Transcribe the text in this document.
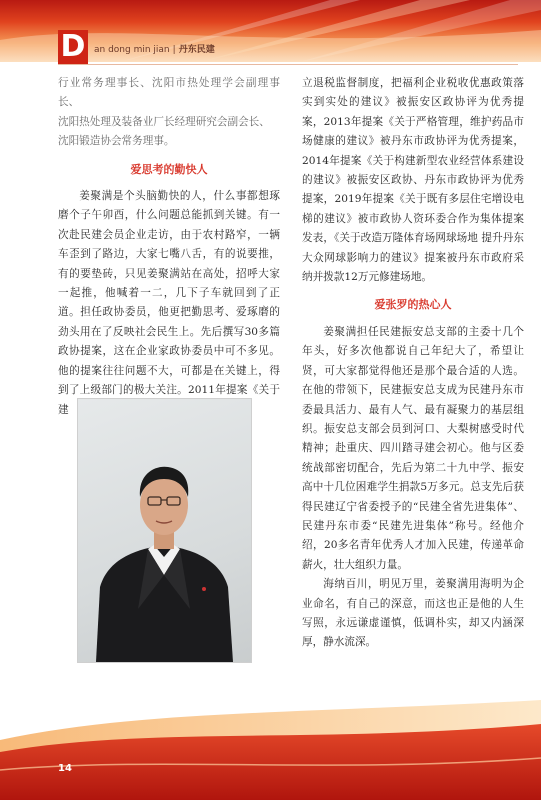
D an dong min jian | 丹东民建

行业常务理事长、沈阳市热处理学会副理事长、

沈阳热处理及装备业厂长经理研究会副会长、

沈阳锻造协会常务理事。

爱思考的勤快人

姜聚满是个头脑勤快的人，什么事都想琢磨个子午卯酉，什么问题总能抓到关键。有一次赴民建会员企业走访，由于农村路窄，一辆车歪到了路边，大家七嘴八舌，有的说要推，有的要垫砖，只见姜聚满站在高处，招呼大家一起推，他喊着一二，几下子车就回到了正道。担任政协委员，他更把勤思考、爱琢磨的劲头用在了反映社会民生上。先后撰写30多篇政协提案，这在企业家政协委员中可不多见。他的提案往往问题不大，可都是在关键上，得到了上级部门的极大关注。2011年提案《关于建

立退税监督制度，把福利企业税收优惠政策落实到实处的建议》被振安区政协评为优秀提案，2013年提案《关于严格管理，维护药品市场健康的建议》被丹东市政协评为优秀提案，2014年提案《关于构建新型农业经营体系建设的建议》被振安区政协、丹东市政协评为优秀提案，2019年提案《关于既有多层住宅增设电梯的建议》被市政协人资环委合作为集体提案发表，《关于改造万隆体育场网球场地 提升丹东大众网球影响力的建议》提案被丹东市政府采纳并拨款12万元修建场地。

爱张罗的热心人

姜聚满担任民建振安总支部的主委十几个年头，好多次他都说自己年纪大了，希望让贤，可大家都觉得他还是那个最合适的人选。在他的带领下，民建振安总支成为民建丹东市委最具活力、最有人气、最有凝聚力的基层组织。振安总支部会员到河口、大梨树感受时代精神；赴重庆、四川踏寻建会初心。他与区委统战部密切配合，先后为第二十九中学、振安高中十几位困难学生捐款5万多元。总支先后获得民建辽宁省委授予的“民建全省先进集体”、民建丹东市委“民建先进集体”称号。经他介绍，20多名青年优秀人才加入民建，传递革命薪火，壮大组织力量。

海纳百川，明见万里，姜聚满用海明为企业命名，有自己的深意，而这也正是他的人生写照，永远谦虚谨慎，低调朴实，却又内涵深厚，静水流深。

14
